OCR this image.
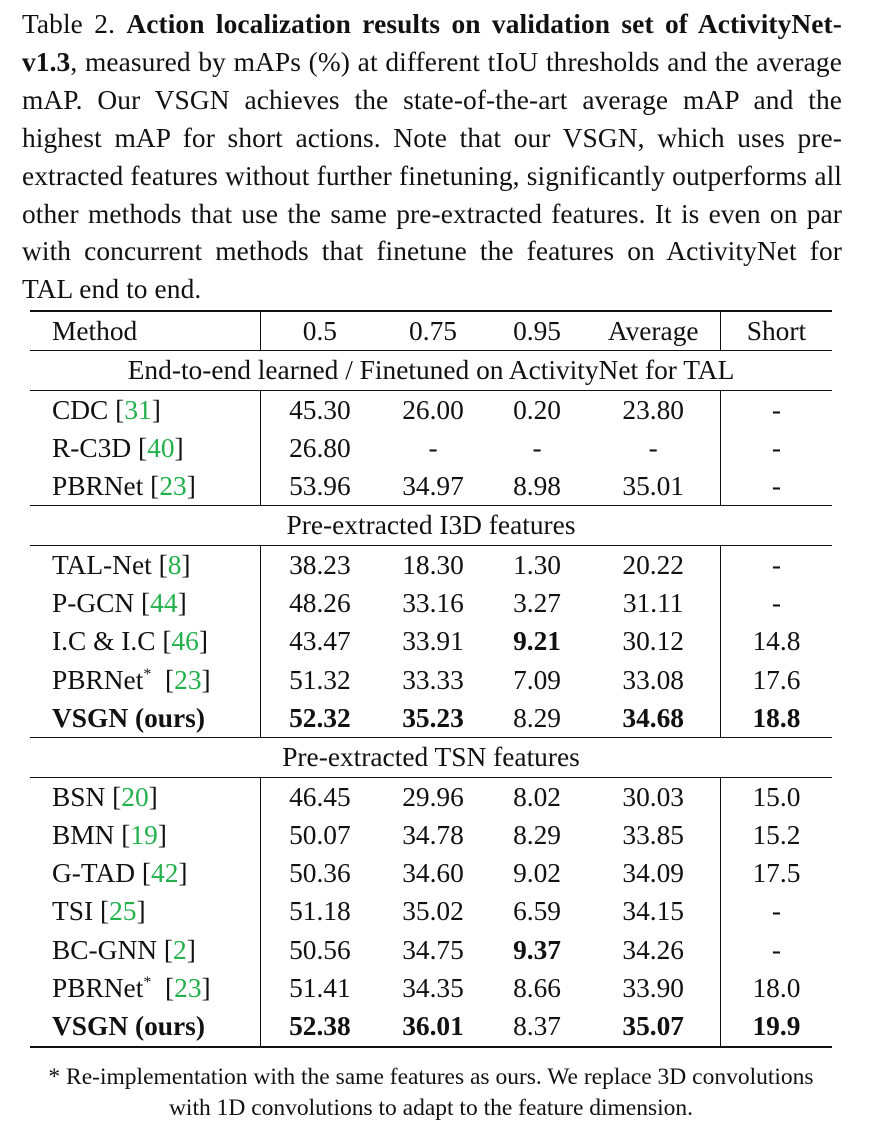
Table 2. Action localization results on validation set of ActivityNet-v1.3, measured by mAPs (%) at different tIoU thresholds and the average mAP. Our VSGN achieves the state-of-the-art average mAP and the highest mAP for short actions. Note that our VSGN, which uses pre-extracted features without further finetuning, significantly outperforms all other methods that use the same pre-extracted features. It is even on par with concurrent methods that finetune the features on ActivityNet for TAL end to end.
Method	0.5	0.75	0.95	Average	Short
End-to-end learned / Finetuned on ActivityNet for TAL					
CDC [31]	45.30	26.00	0.20	23.80	-
R-C3D [40]	26.80	-	-	-	-
PBRNet [23]	53.96	34.97	8.98	35.01	-
Pre-extracted I3D features					
TAL-Net [8]	38.23	18.30	1.30	20.22	-
P-GCN [44]	48.26	33.16	3.27	31.11	-
I.C & I.C [46]	43.47	33.91	9.21	30.12	14.8
PBRNet*  [23]	51.32	33.33	7.09	33.08	17.6
VSGN (ours)	52.32	35.23	8.29	34.68	18.8
Pre-extracted TSN features					
BSN [20]	46.45	29.96	8.02	30.03	15.0
BMN [19]	50.07	34.78	8.29	33.85	15.2
G-TAD [42]	50.36	34.60	9.02	34.09	17.5
TSI [25]	51.18	35.02	6.59	34.15	-
BC-GNN [2]	50.56	34.75	9.37	34.26	-
PBRNet*  [23]	51.41	34.35	8.66	33.90	18.0
VSGN (ours)	52.38	36.01	8.37	35.07	19.9
* Re-implementation with the same features as ours. We replace 3D convolutions with 1D convolutions to adapt to the feature dimension.
